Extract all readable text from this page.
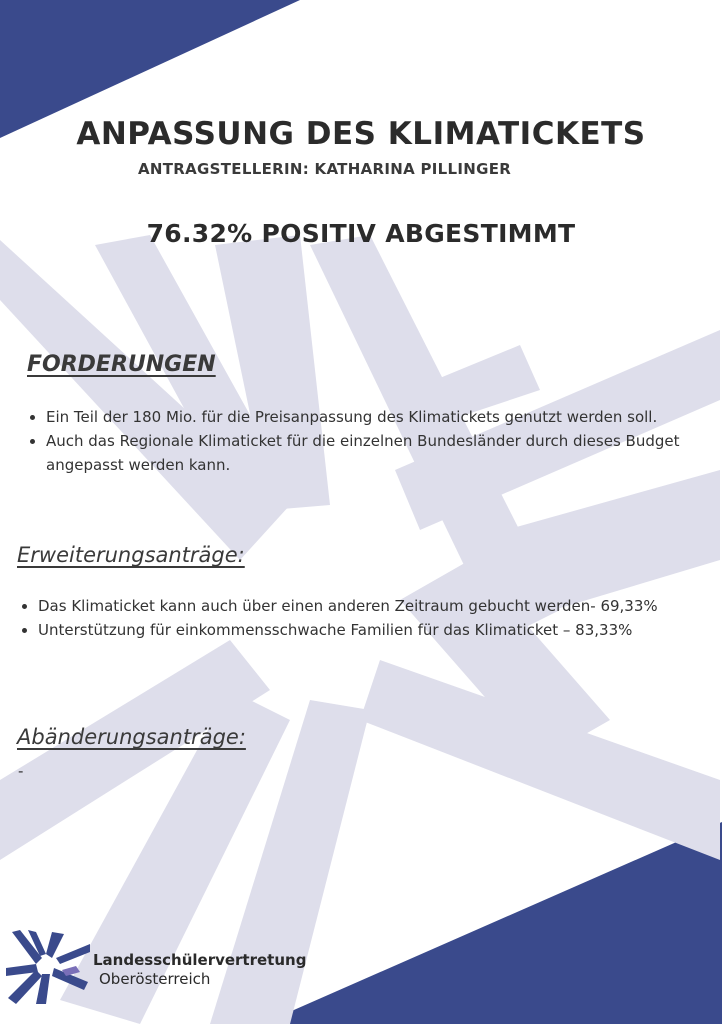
ANPASSUNG DES KLIMATICKETS
ANTRAGSTELLERIN: KATHARINA PILLINGER
76.32% POSITIV ABGESTIMMT
FORDERUNGEN
Ein Teil der 180 Mio. für die Preisanpassung des Klimatickets genutzt werden soll.
Auch das Regionale Klimaticket für die einzelnen Bundesländer durch dieses Budget angepasst werden kann.
Erweiterungsanträge:
Das Klimaticket kann auch über einen anderen Zeitraum gebucht werden- 69,33%
Unterstützung für einkommensschwache Familien für das Klimaticket – 83,33%
Abänderungsanträge:
-
Landesschülervertretung
Oberösterreich
